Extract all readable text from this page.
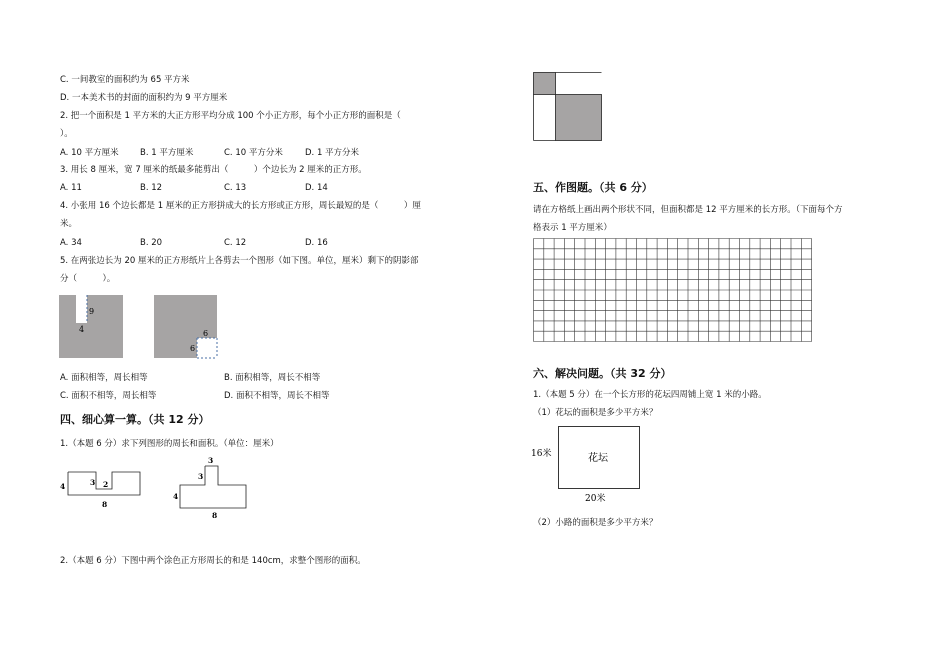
C. 一间教室的面积约为 65 平方米
D. 一本美术书的封面的面积约为 9 平方厘米
2. 把一个面积是 1 平方米的大正方形平均分成 100 个小正方形，每个小正方形的面积是（
）。
A. 10 平方厘米	B. 1 平方厘米	C. 10 平方分米	D. 1 平方分米
3. 用长 8 厘米，宽 7 厘米的纸最多能剪出（　　　）个边长为 2 厘米的正方形。
A. 11	B. 12	C. 13	D. 14
4. 小张用 16 个边长都是 1 厘米的正方形拼成大的长方形或正方形，周长最短的是（　　　）厘
米。
A. 34	B. 20	C. 12	D. 16
5. 在两张边长为 20 厘米的正方形纸片上各剪去一个图形（如下图。单位，厘米）剩下的阴影部
分（　　　）。
9
4	6
6
A. 面积相等，周长相等	B. 面积相等，周长不相等
C. 面积不相等，周长相等	D. 面积不相等，周长不相等
四、细心算一算。（共 12 分）
1.（本题 6 分）求下列图形的周长和面积。（单位：厘米）
4	3 2
8
3
3
4
8
2.（本题 6 分）下图中两个涂色正方形周长的和是 140cm，求整个图形的面积。
五、作图题。（共 6 分）
请在方格纸上画出两个形状不同，但面积都是 12 平方厘米的长方形。（下面每个方
格表示 1 平方厘米）
六、解决问题。（共 32 分）
1.（本题 5 分）在一个长方形的花坛四周铺上宽 1 米的小路。
（1）花坛的面积是多少平方米？
花坛
16米
20米
（2）小路的面积是多少平方米？
